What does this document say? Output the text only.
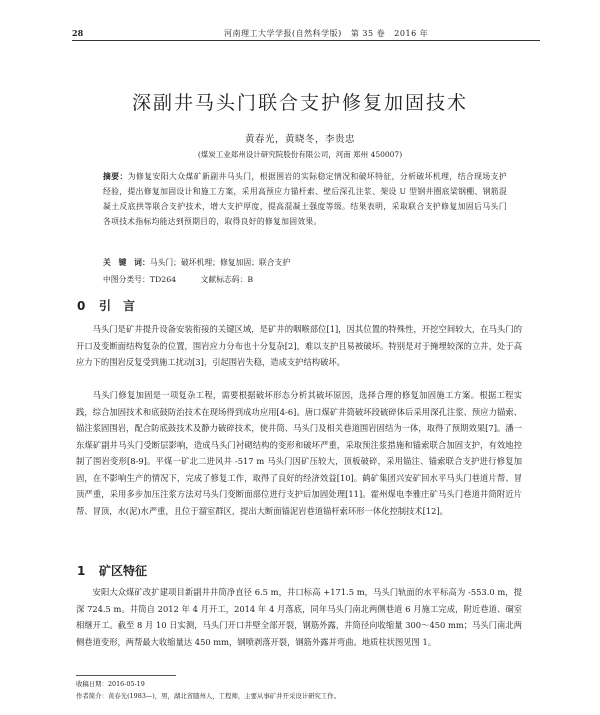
28	河南理工大学学报(自然科学版) 第 35 卷 2016 年
深副井马头门联合支护修复加固技术
黄春光，黄晓冬，李贵忠
(煤炭工业郑州设计研究院股份有限公司，河南 郑州 450007)
摘要：为修复安阳大众煤矿新副井马头门，根据围岩的实际稳定情况和破坏特征，分析破坏机理，结合现场支护经验，提出修复加固设计和施工方案，采用高预应力锚杆索、壁后深孔注浆、架设 U 型钢井圈底梁钢棚、钢筋混凝土反底拱等联合支护技术，增大支护厚度，提高混凝土强度等级。结果表明，采取联合支护修复加固后马头门各项技术指标均能达到预期目的，取得良好的修复加固效果。
关　键　词：马头门；破坏机理；修复加固；联合支护
中图分类号：TD264	文献标志码：B
0 引　言
马头门是矿井提升设备安装衔接的关键区域，是矿井的咽喉部位[1]，因其位置的特殊性，开挖空间较大，在马头门的开口及变断面结构复杂的位置，围岩应力分布也十分复杂[2]，难以支护且易被破坏。特别是对于掩埋较深的立井，处于高应力下的围岩反复受到施工扰动[3]，引起围岩失稳，造成支护结构破坏。
马头门修复加固是一项复杂工程，需要根据破坏形态分析其破坏原因，选择合理的修复加固施工方案。根据工程实践，综合加固技术和底鼓防治技术在现场得到成功应用[4-6]。唐口煤矿井筒破坏段破碎体后采用深孔注浆、预应力锚索、锚注浆固围岩，配合防底鼓技术及静力破碎技术，使井筒、马头门及相关巷道围岩固结为一体，取得了预期效果[7]。潘一东煤矿副井马头门受断层影响，造成马头门衬砌结构的变形和破坏严重，采取预注浆措施和锚索联合加固支护，有效地控制了围岩变形[8-9]。平煤一矿北二进风井 -517 m 马头门因矿压较大，顶板破碎，采用锚注、锚索联合支护进行修复加固，在不影响生产的情况下，完成了修复工作，取得了良好的经济效益[10]。鹤矿集团兴安矿回水平马头门巷道片帮、冒顶严重，采用多步加压注浆方法对马头门变断面部位进行支护后加固处理[11]。霍州煤电李雅庄矿马头门巷道井筒附近片帮、冒顶，水(泥)水严重，且位于溜室群区，提出大断面锚泥岩巷道锚杆索环形一体化控制技术[12]。
1 矿区特征
安阳大众煤矿改扩建项目新副井井筒净直径 6.5 m，井口标高 +171.5 m，马头门轨面的水平标高为 -553.0 m，提深 724.5 m。井筒自 2012 年 4 月开工，2014 年 4 月落底，同年马头门南北两侧巷道 6 月施工完成，附近巷道、硐室相继开工。截至 8 月 10 日实测，马头门开口井壁全部开裂，钢筋外露，井筒径向收缩量 300～450 mm；马头门南北两侧巷道变形，两帮最大收缩量达 450 mm，钢喷剥落开裂，钢筋外露并弯曲。地质柱状图见图 1。
收稿日期：2016-05-19
作者简介：黄春光(1983—)，男，湖北省随州人，工程师，主要从事矿井开采设计研究工作。
